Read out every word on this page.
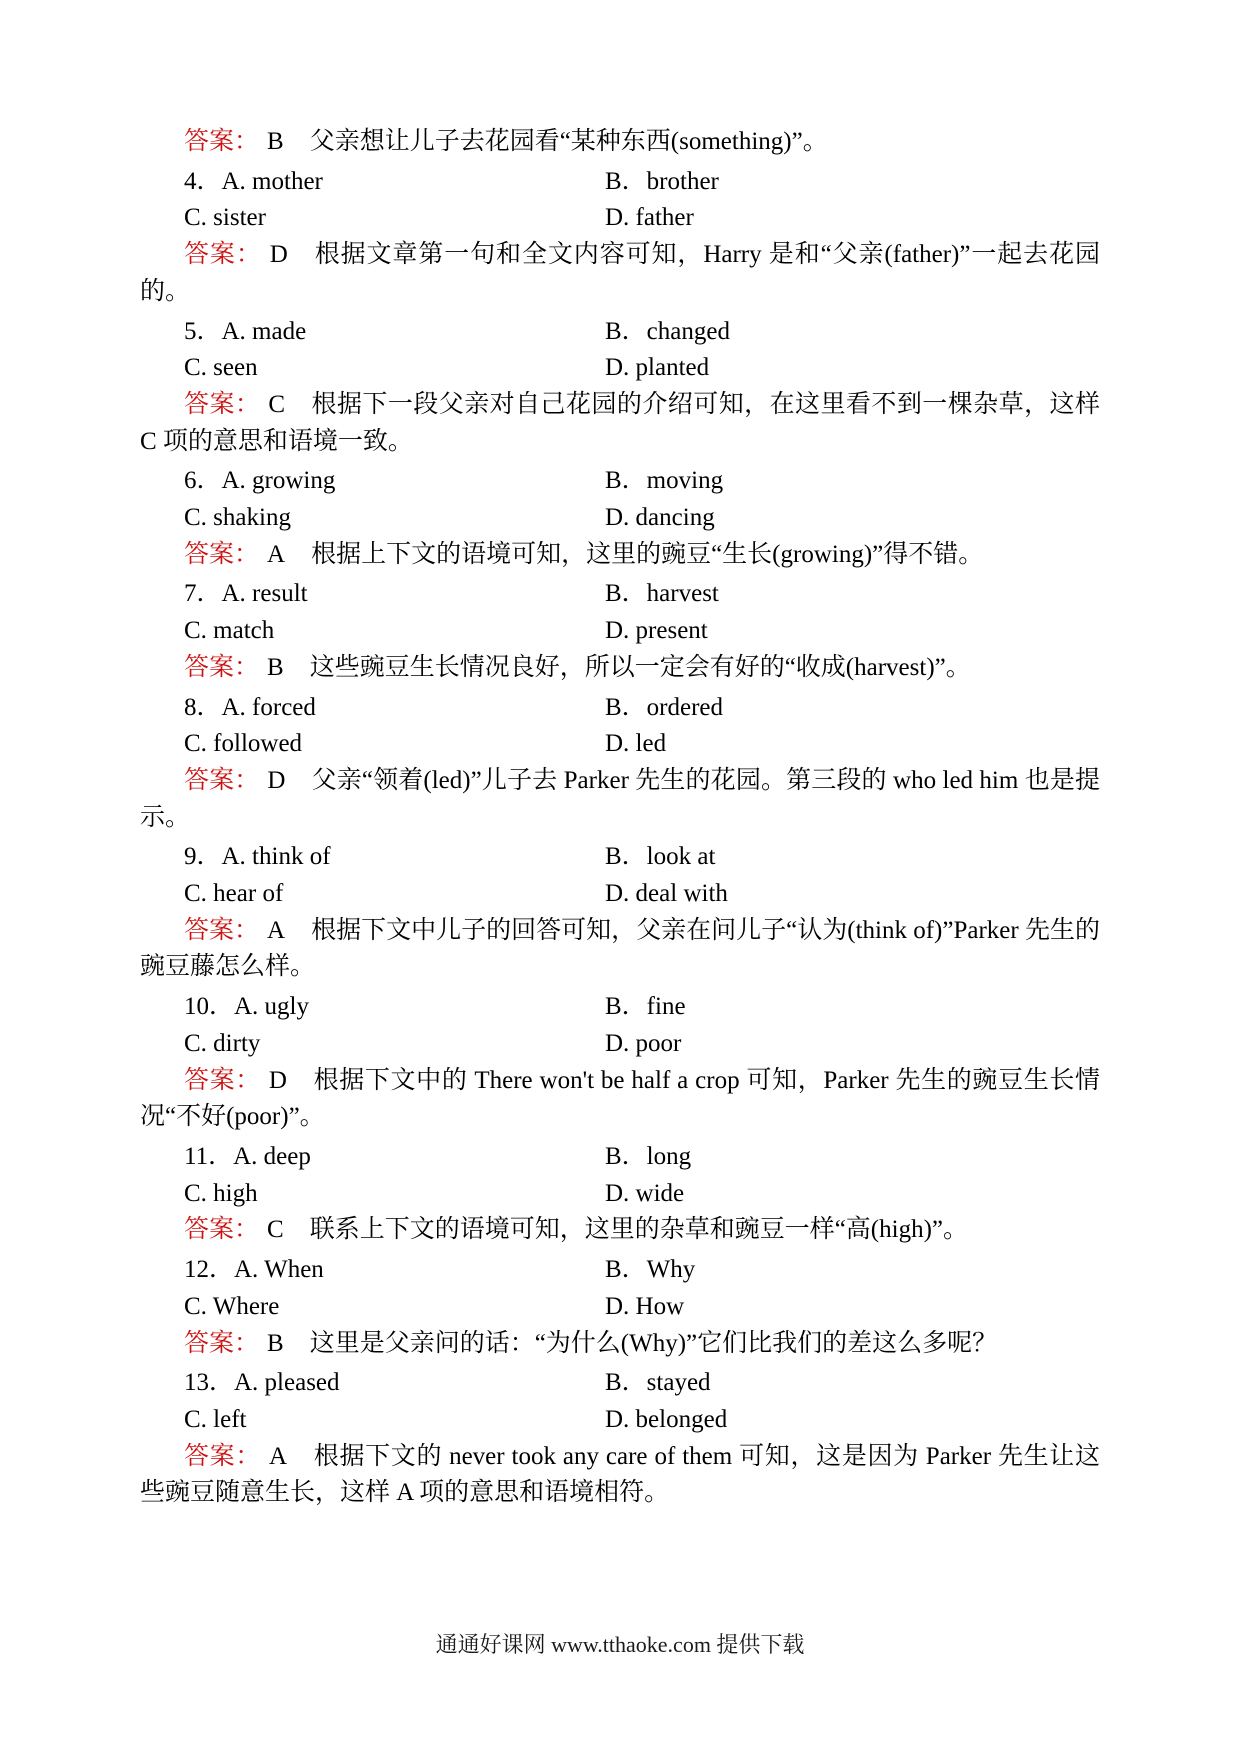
答案： B 父亲想让儿子去花园看“某种东西(something)”。

4．A. mother	B．brother
C. sister	D. father

答案： D 根据文章第一句和全文内容可知，Harry 是和“父亲(father)”一起去花园的。

5．A. made	B．changed
C. seen	D. planted

答案： C 根据下一段父亲对自己花园的介绍可知，在这里看不到一棵杂草，这样 C 项的意思和语境一致。

6．A. growing	B．moving
C. shaking	D. dancing

答案： A 根据上下文的语境可知，这里的豌豆“生长(growing)”得不错。

7．A. result	B．harvest
C. match	D. present

答案： B 这些豌豆生长情况良好，所以一定会有好的“收成(harvest)”。

8．A. forced	B．ordered
C. followed	D. led

答案： D 父亲“领着(led)”儿子去 Parker 先生的花园。第三段的 who led him 也是提示。

9．A. think of	B．look at
C. hear of	D. deal with

答案： A 根据下文中儿子的回答可知，父亲在问儿子“认为(think of)”Parker 先生的豌豆藤怎么样。

10．A. ugly	B．fine
C. dirty	D. poor

答案： D 根据下文中的 There won't be half a crop 可知，Parker 先生的豌豆生长情况“不好(poor)”。

11．A. deep	B．long
C. high	D. wide

答案： C 联系上下文的语境可知，这里的杂草和豌豆一样“高(high)”。

12．A. When	B．Why
C. Where	D. How

答案： B 这里是父亲问的话：“为什么(Why)”它们比我们的差这么多呢？

13．A. pleased	B．stayed
C. left	D. belonged

答案： A 根据下文的 never took any care of them 可知，这是因为 Parker 先生让这些豌豆随意生长，这样 A 项的意思和语境相符。

通通好课网 www.tthaoke.com 提供下载
